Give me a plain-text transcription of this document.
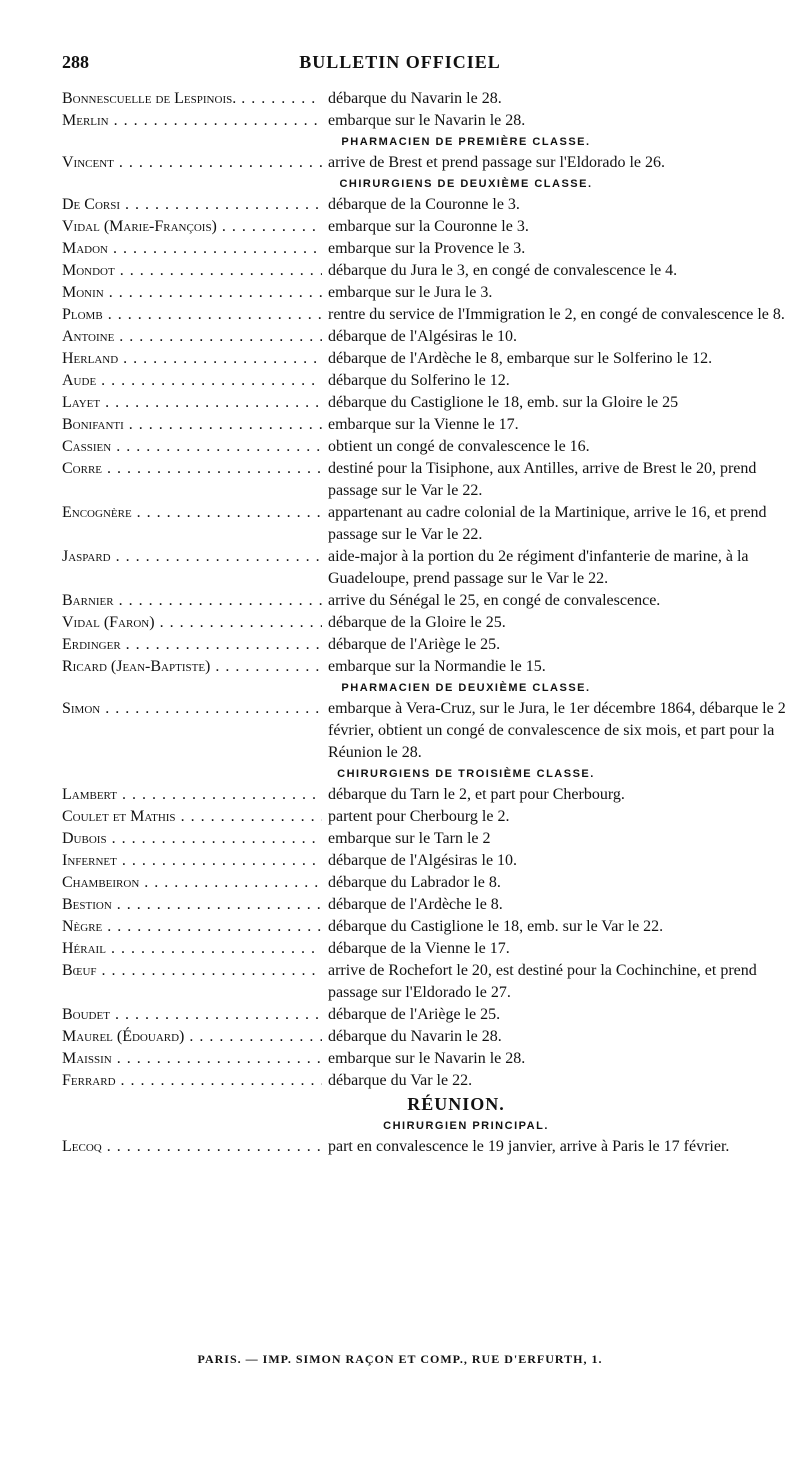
288	BULLETIN OFFICIEL
Bonnescuelle de Lespinois. . . .	débarque du Navarin le 28.
Merlin . . .	embarque sur le Navarin le 28.
PHARMACIEN DE PREMIÈRE CLASSE.
Vincent . . .	arrive de Brest et prend passage sur l'Eldorado le 26.
CHIRURGIENS DE DEUXIÈME CLASSE.
De Corsi . . .	débarque de la Couronne le 3.
Vidal (Marie-François) . . .	embarque sur la Couronne le 3.
Madon . . .	embarque sur la Provence le 3.
Mondot . . .	débarque du Jura le 3, en congé de convalescence le 4.
Monin . . .	embarque sur le Jura le 3.
Plomb . . .	rentre du service de l'Immigration le 2, en congé de convalescence le 8.
Antoine . . .	débarque de l'Algésiras le 10.
Herland . . .	débarque de l'Ardèche le 8, embarque sur le Solferino le 12.
Aude . . .	débarque du Solferino le 12.
Layet . . .	débarque du Castiglione le 18, emb. sur la Gloire le 25
Bonifanti . . .	embarque sur la Vienne le 17.
Cassien . . .	obtient un congé de convalescence le 16.
Corre . . .	destiné pour la Tisiphone, aux Antilles, arrive de Brest le 20, prend passage sur le Var le 22.
Encognère . . .	appartenant au cadre colonial de la Martinique, arrive le 16, et prend passage sur le Var le 22.
Jaspard . . .	aide-major à la portion du 2e régiment d'infanterie de marine, à la Guadeloupe, prend passage sur le Var le 22.
Barnier . . .	arrive du Sénégal le 25, en congé de convalescence.
Vidal (Faron) . . .	débarque de la Gloire le 25.
Erdinger . . .	débarque de l'Ariège le 25.
Ricard (Jean-Baptiste) . . .	embarque sur la Normandie le 15.
PHARMACIEN DE DEUXIÈME CLASSE.
Simon . . .	embarque à Vera-Cruz, sur le Jura, le 1er décembre 1864, débarque le 2 février, obtient un congé de convalescence de six mois, et part pour la Réunion le 28.
CHIRURGIENS DE TROISIÈME CLASSE.
Lambert . . .	débarque du Tarn le 2, et part pour Cherbourg.
Coulet et Mathis . . .	partent pour Cherbourg le 2.
Dubois . . .	embarque sur le Tarn le 2
Infernet . . .	débarque de l'Algésiras le 10.
Chambeiron . . .	débarque du Labrador le 8.
Bestion . . .	débarque de l'Ardèche le 8.
Nègre . . .	débarque du Castiglione le 18, emb. sur le Var le 22.
Hérail . . .	débarque de la Vienne le 17.
Bœuf . . .	arrive de Rochefort le 20, est destiné pour la Cochinchine, et prend passage sur l'Eldorado le 27.
Boudet . . .	débarque de l'Ariège le 25.
Maurel (Édouard) . . .	débarque du Navarin le 28.
Maissin . . .	embarque sur le Navarin le 28.
Ferrard . . .	débarque du Var le 22.
RÉUNION.
CHIRURGIEN PRINCIPAL.
Lecoq . . .	part en convalescence le 19 janvier, arrive à Paris le 17 février.
PARIS. — IMP. SIMON RAÇON ET COMP., RUE D'ERFURTH, 1.
